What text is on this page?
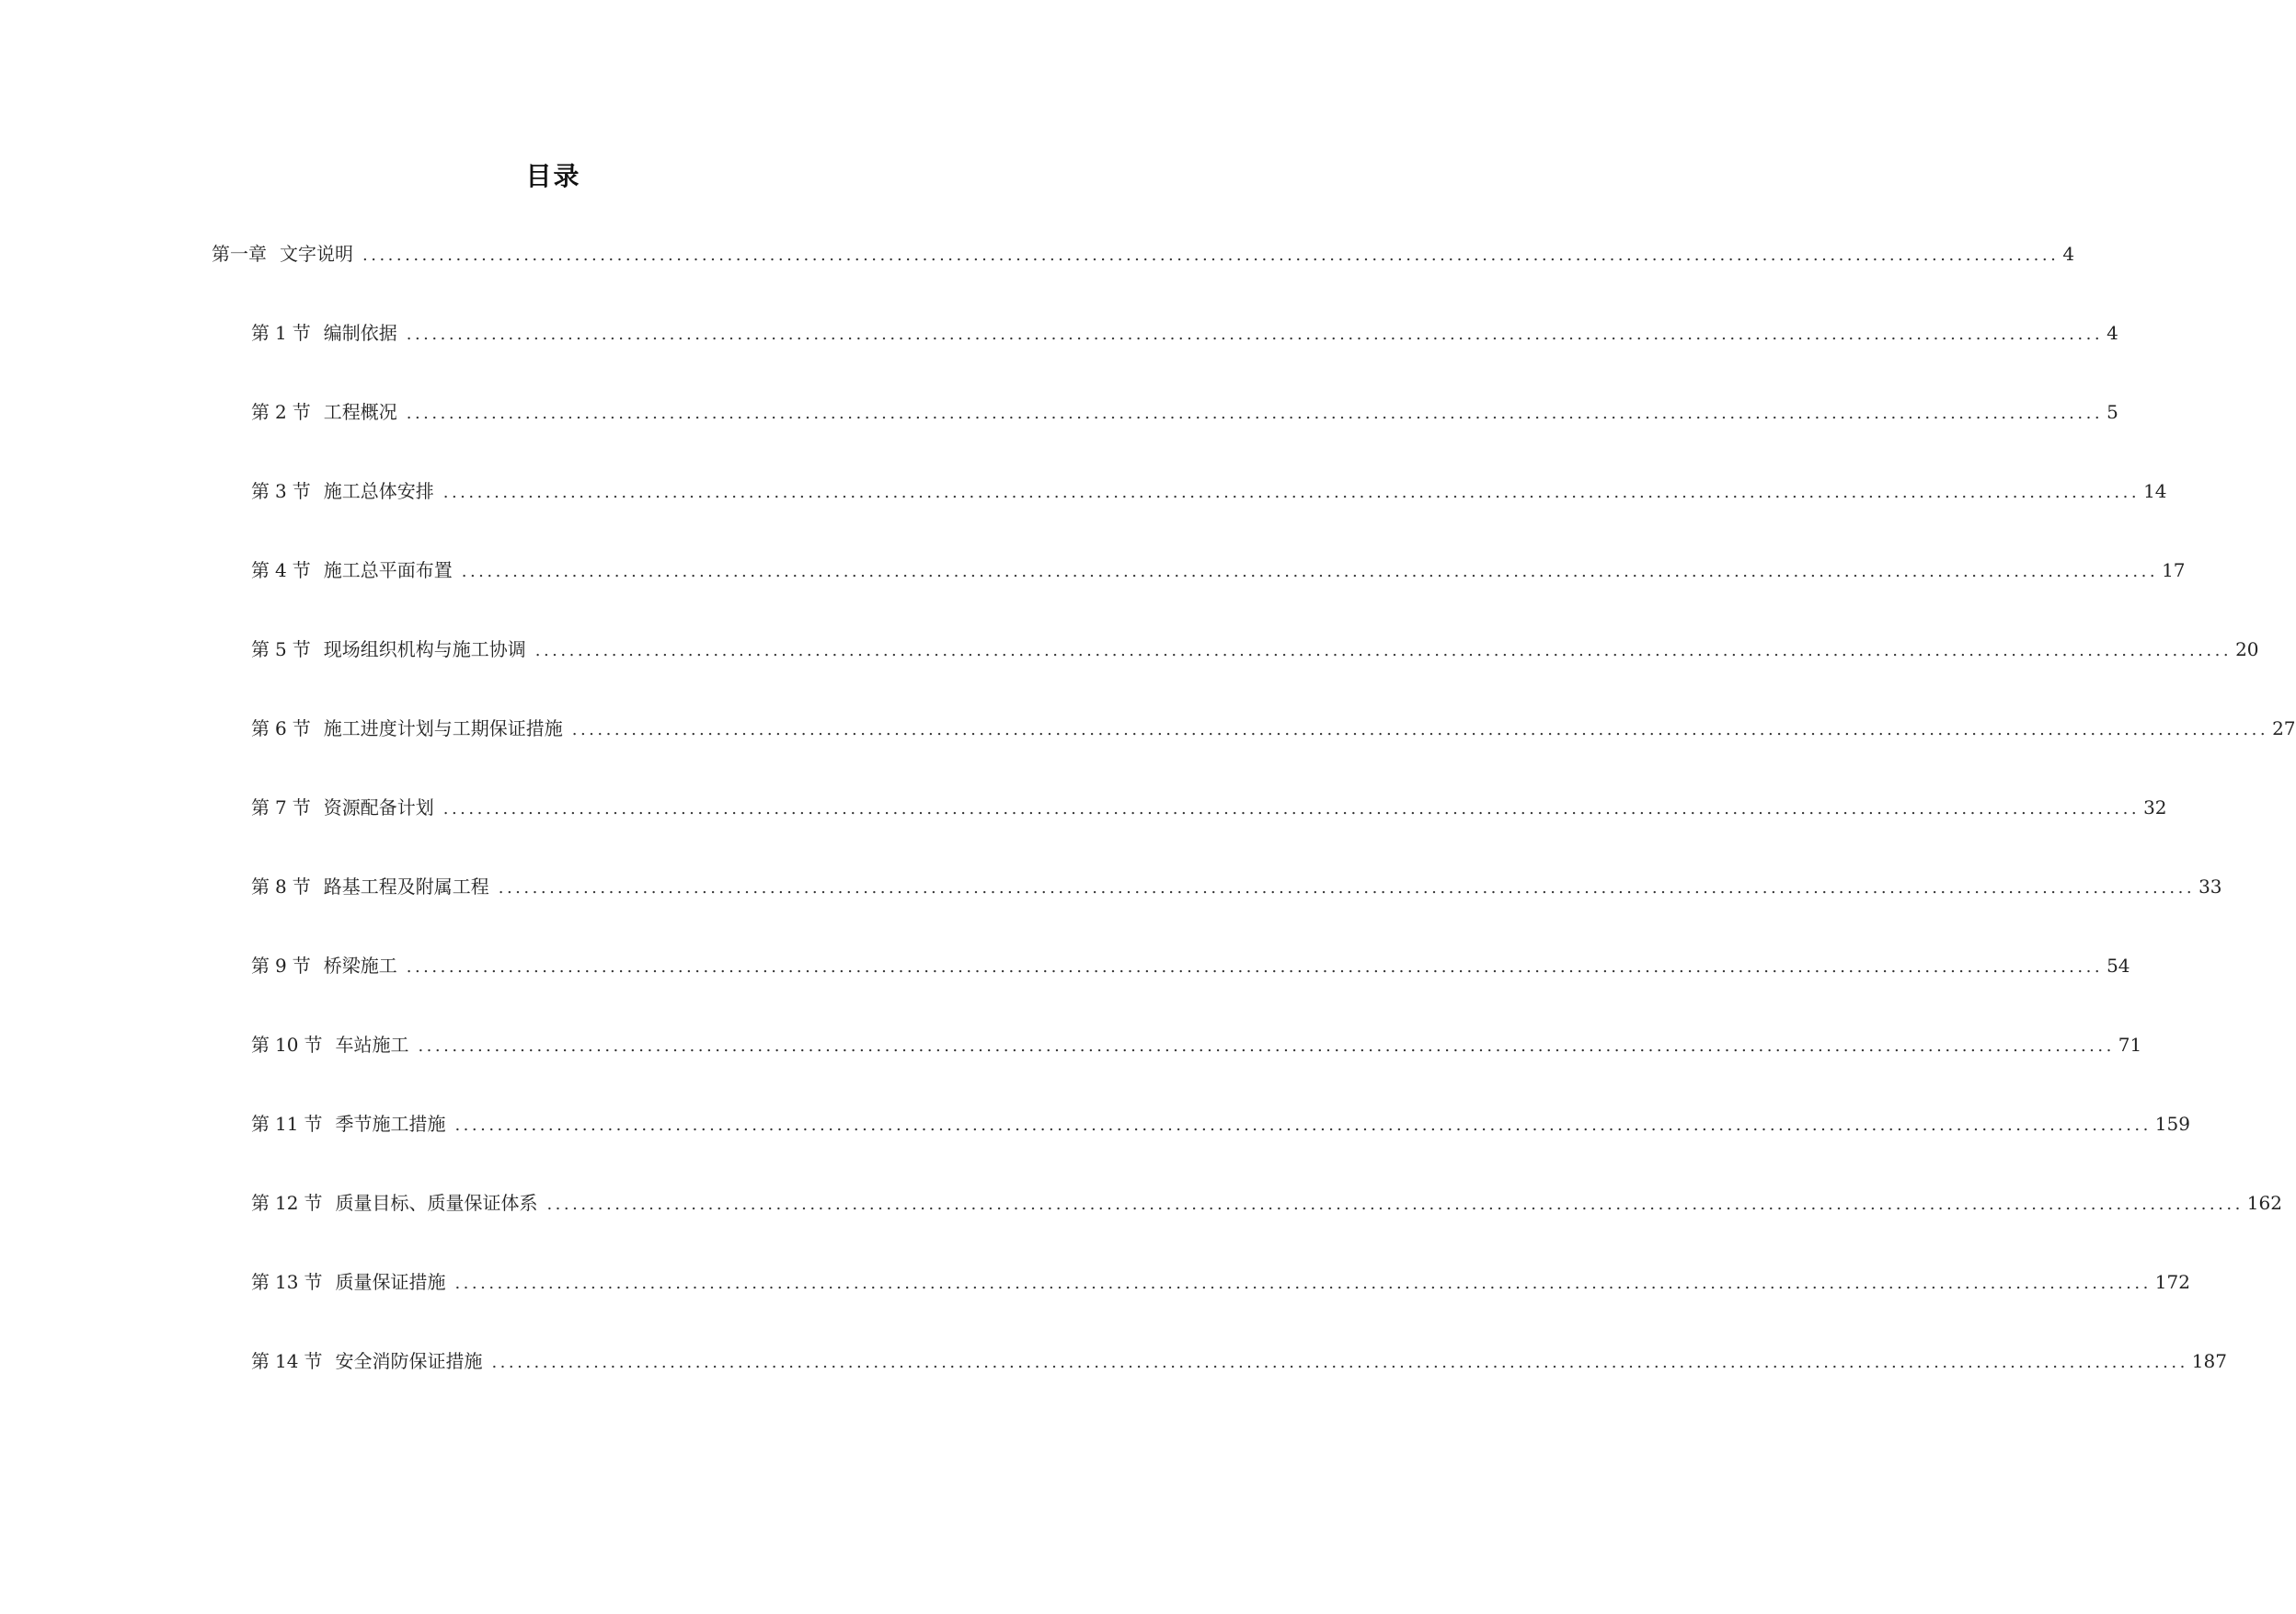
目录
第一章 文字说明 ........................................................................................................................................................................................................ 4
第 1 节 编制依据 ........................................................................................................................................................................................................ 4
第 2 节 工程概况 ........................................................................................................................................................................................................ 5
第 3 节 施工总体安排 ........................................................................................................................................................................................................ 14
第 4 节 施工总平面布置 ........................................................................................................................................................................................................ 17
第 5 节 现场组织机构与施工协调 ........................................................................................................................................................................................................ 20
第 6 节 施工进度计划与工期保证措施 ........................................................................................................................................................................................................ 27
第 7 节 资源配备计划 ........................................................................................................................................................................................................ 32
第 8 节 路基工程及附属工程 ........................................................................................................................................................................................................ 33
第 9 节 桥梁施工 ........................................................................................................................................................................................................ 54
第 10 节 车站施工 ........................................................................................................................................................................................................ 71
第 11 节 季节施工措施 ........................................................................................................................................................................................................ 159
第 12 节 质量目标、质量保证体系 ........................................................................................................................................................................................................ 162
第 13 节 质量保证措施 ........................................................................................................................................................................................................ 172
第 14 节 安全消防保证措施 ........................................................................................................................................................................................................ 187
